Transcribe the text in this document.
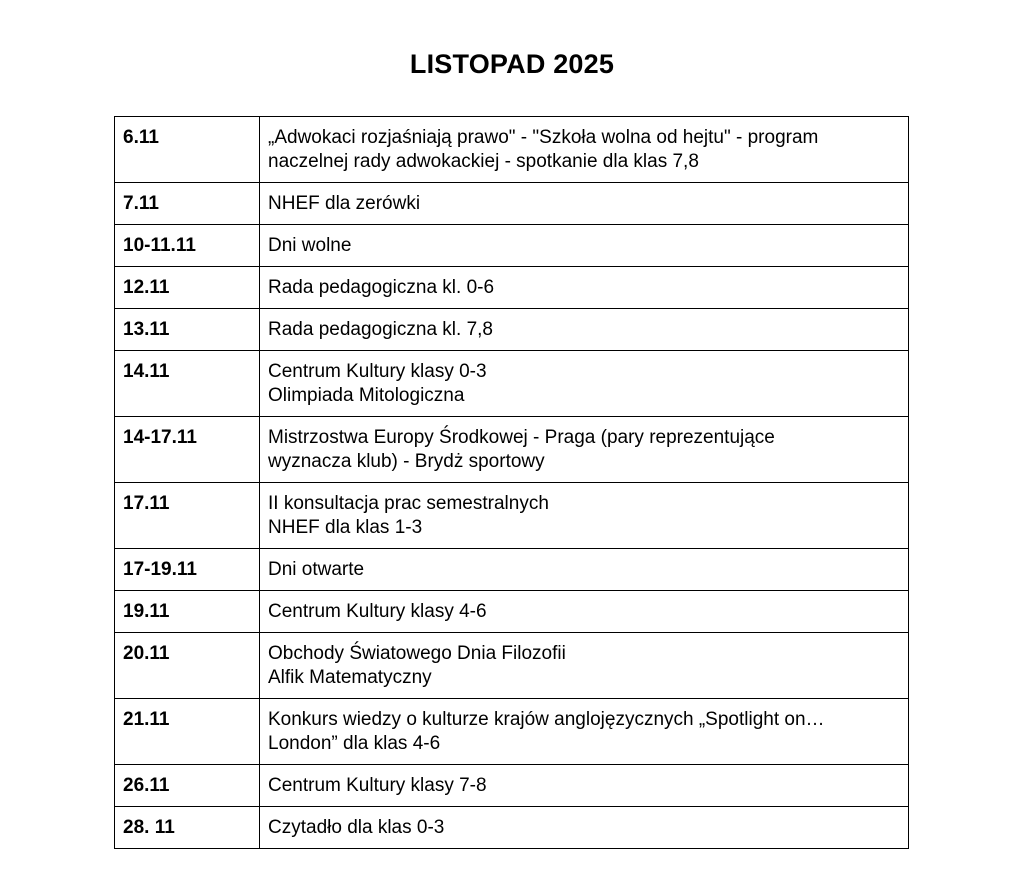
LISTOPAD 2025
6.11	„Adwokaci rozjaśniają prawo" - "Szkoła wolna od hejtu" - program
naczelnej rady adwokackiej - spotkanie dla klas 7,8

7.11	NHEF dla zerówki

10-11.11	Dni wolne

12.11	Rada pedagogiczna kl. 0-6

13.11	Rada pedagogiczna kl. 7,8

14.11	Centrum Kultury klasy 0-3
Olimpiada Mitologiczna

14-17.11	Mistrzostwa Europy Środkowej - Praga (pary reprezentujące
wyznacza klub) - Brydż sportowy

17.11	II konsultacja prac semestralnych
NHEF dla klas 1-3

17-19.11	Dni otwarte

19.11	Centrum Kultury klasy 4-6

20.11	Obchody Światowego Dnia Filozofii
Alfik Matematyczny

21.11	Konkurs wiedzy o kulturze krajów anglojęzycznych „Spotlight on…
London” dla klas 4-6

26.11	Centrum Kultury klasy 7-8

28. 11	Czytadło dla klas 0-3
